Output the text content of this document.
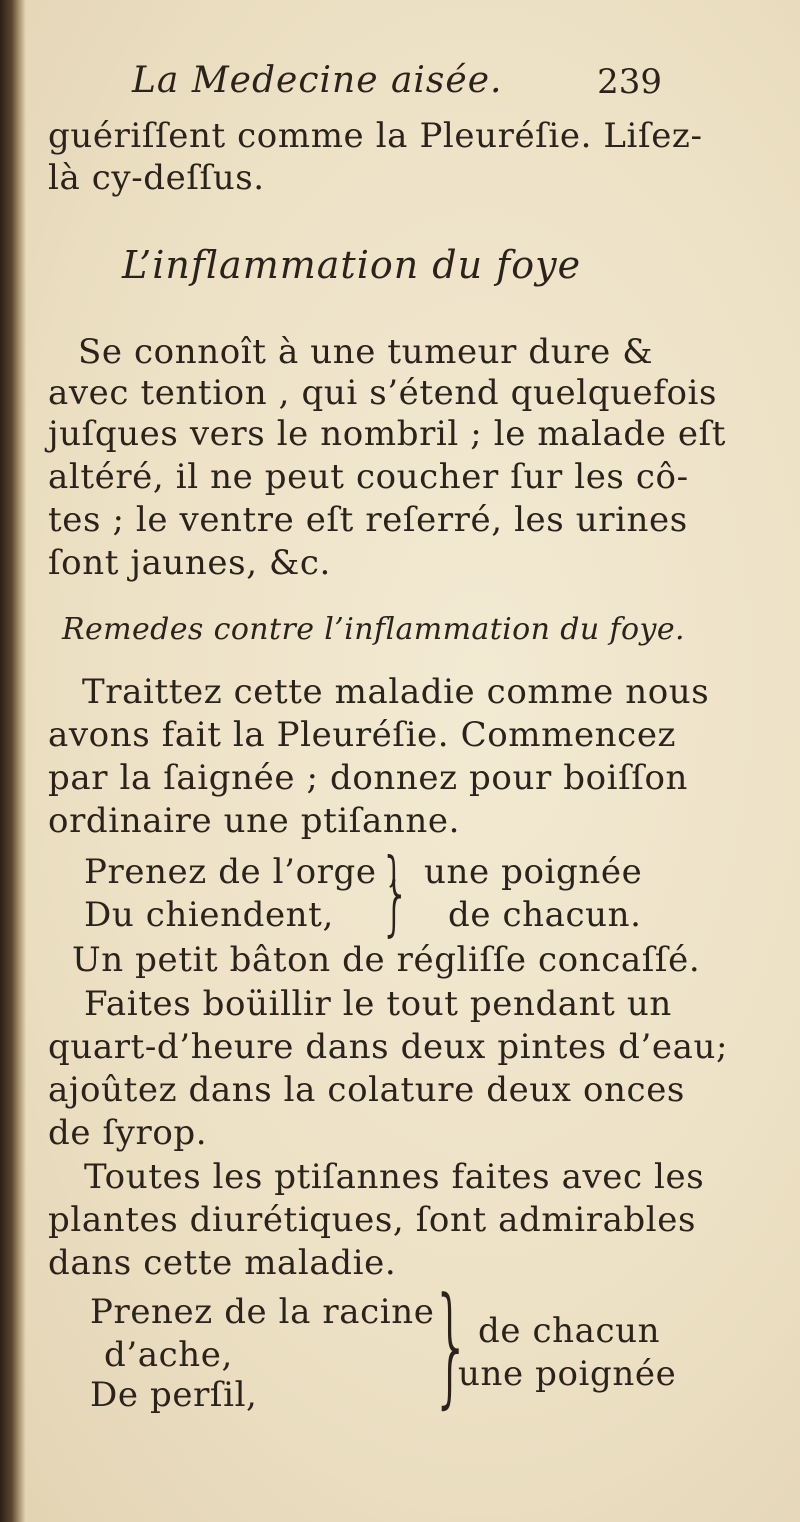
La Medecine aisée.	239
guériſſent comme la Pleuréſie. Liſez-
là cy-deſſus.
L’inflammation du foye
Se connoît à une tumeur dure &
avec tention , qui s’étend quelquefois
juſques vers le nombril ; le malade eſt
altéré, il ne peut coucher ſur les cô-
tes ; le ventre eſt reſerré, les urines
ſont jaunes, &c.
Remedes contre l’inflammation du foye.
Traittez cette maladie comme nous
avons fait la Pleuréſie. Commencez
par la ſaignée ; donnez pour boiſſon
ordinaire une ptiſanne.
Prenez de l’orge ,
Du chiendent, } une poignée
de chacun.
Un petit bâton de régliſſe concaſſé.
Faites boüillir le tout pendant un
quart-d’heure dans deux pintes d’eau;
ajoûtez dans la colature deux onces
de ſyrop.
Toutes les ptiſannes faites avec les
plantes diurétiques, ſont admirables
dans cette maladie.
Prenez de la racine
d’ache,
De perſil, } de chacun
une poignée
